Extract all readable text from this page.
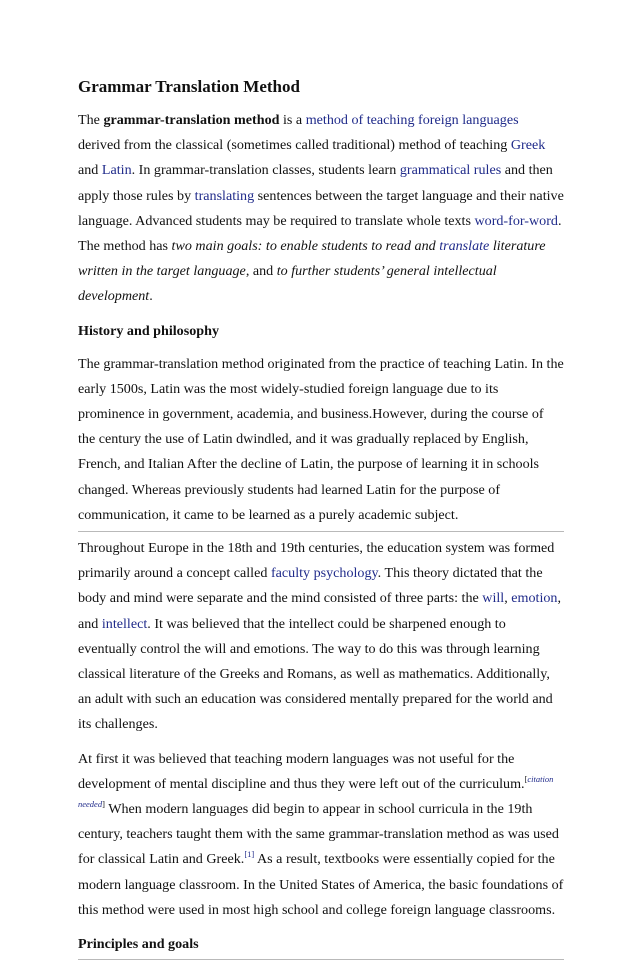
Grammar Translation Method

The grammar-translation method is a method of teaching foreign languages derived from the classical (sometimes called traditional) method of teaching Greek and Latin. In grammar-translation classes, students learn grammatical rules and then apply those rules by translating sentences between the target language and their native language. Advanced students may be required to translate whole texts word-for-word. The method has two main goals: to enable students to read and translate literature written in the target language, and to further students’ general intellectual development.

History and philosophy

The grammar-translation method originated from the practice of teaching Latin. In the early 1500s, Latin was the most widely-studied foreign language due to its prominence in government, academia, and business.However, during the course of the century the use of Latin dwindled, and it was gradually replaced by English, French, and Italian After the decline of Latin, the purpose of learning it in schools changed. Whereas previously students had learned Latin for the purpose of communication, it came to be learned as a purely academic subject.

Throughout Europe in the 18th and 19th centuries, the education system was formed primarily around a concept called faculty psychology. This theory dictated that the body and mind were separate and the mind consisted of three parts: the will, emotion, and intellect. It was believed that the intellect could be sharpened enough to eventually control the will and emotions. The way to do this was through learning classical literature of the Greeks and Romans, as well as mathematics. Additionally, an adult with such an education was considered mentally prepared for the world and its challenges.

At first it was believed that teaching modern languages was not useful for the development of mental discipline and thus they were left out of the curriculum.[citation needed] When modern languages did begin to appear in school curricula in the 19th century, teachers taught them with the same grammar-translation method as was used for classical Latin and Greek.[1] As a result, textbooks were essentially copied for the modern language classroom. In the United States of America, the basic foundations of this method were used in most high school and college foreign language classrooms.

Principles and goals
